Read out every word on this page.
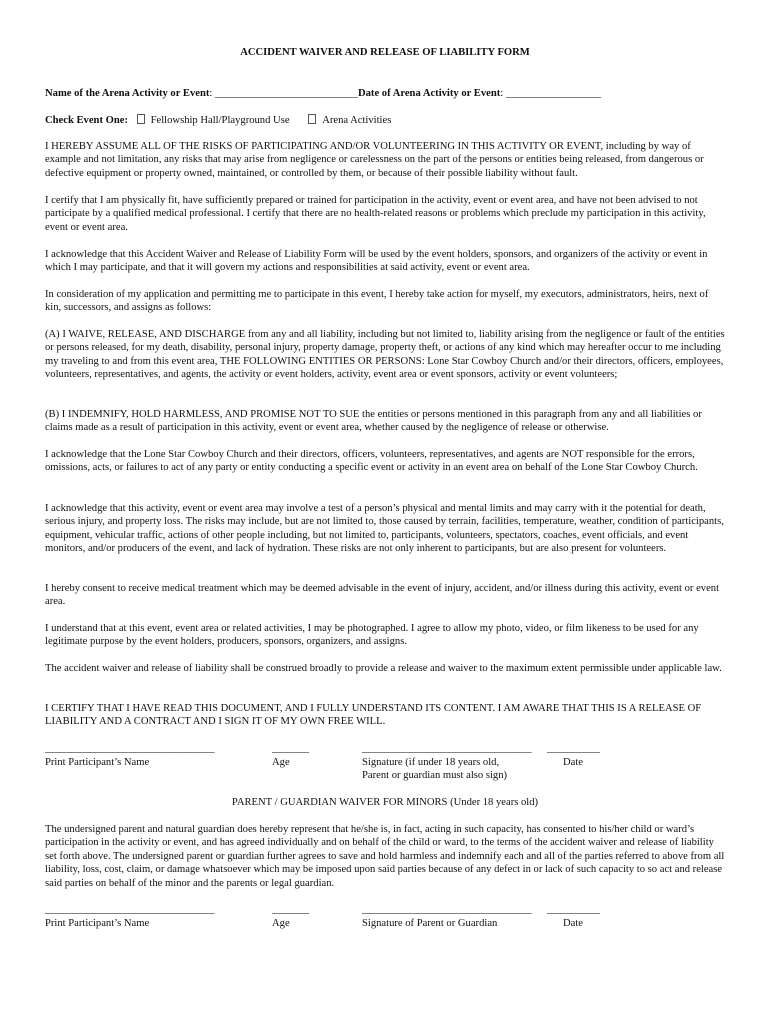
ACCIDENT WAIVER AND RELEASE OF LIABILITY FORM
Name of the Arena Activity or Event: ___________________________Date of Arena Activity or Event: __________________
Check Event One: Fellowship Hall/Playground Use	Arena Activities

I HEREBY ASSUME ALL OF THE RISKS OF PARTICIPATING AND/OR VOLUNTEERING IN THIS ACTIVITY OR EVENT, including by way of example and not limitation, any risks that may arise from negligence or carelessness on the part of the persons or entities being released, from dangerous or defective equipment or property owned, maintained, or controlled by them, or because of their possible liability without fault.

I certify that I am physically fit, have sufficiently prepared or trained for participation in the activity, event or event area, and have not been advised to not participate by a qualified medical professional. I certify that there are no health-related reasons or problems which preclude my participation in this activity, event or event area.

I acknowledge that this Accident Waiver and Release of Liability Form will be used by the event holders, sponsors, and organizers of the activity or event in which I may participate, and that it will govern my actions and responsibilities at said activity, event or event area.

In consideration of my application and permitting me to participate in this event, I hereby take action for myself, my executors, administrators, heirs, next of kin, successors, and assigns as follows:

(A) I WAIVE, RELEASE, AND DISCHARGE from any and all liability, including but not limited to, liability arising from the negligence or fault of the entities or persons released, for my death, disability, personal injury, property damage, property theft, or actions of any kind which may hereafter occur to me including my traveling to and from this event area, THE FOLLOWING ENTITIES OR PERSONS: Lone Star Cowboy Church and/or their directors, officers, employees, volunteers, representatives, and agents, the activity or event holders, activity, event area or event sponsors, activity or event volunteers;

(B) I INDEMNIFY, HOLD HARMLESS, AND PROMISE NOT TO SUE the entities or persons mentioned in this paragraph from any and all liabilities or claims made as a result of participation in this activity, event or event area, whether caused by the negligence of release or otherwise.

I acknowledge that the Lone Star Cowboy Church and their directors, officers, volunteers, representatives, and agents are NOT responsible for the errors, omissions, acts, or failures to act of any party or entity conducting a specific event or activity in an event area on behalf of the Lone Star Cowboy Church.

I acknowledge that this activity, event or event area may involve a test of a person’s physical and mental limits and may carry with it the potential for death, serious injury, and property loss. The risks may include, but are not limited to, those caused by terrain, facilities, temperature, weather, condition of participants, equipment, vehicular traffic, actions of other people including, but not limited to, participants, volunteers, spectators, coaches, event officials, and event monitors, and/or producers of the event, and lack of hydration. These risks are not only inherent to participants, but are also present for volunteers.

I hereby consent to receive medical treatment which may be deemed advisable in the event of injury, accident, and/or illness during this activity, event or event area.

I understand that at this event, event area or related activities, I may be photographed. I agree to allow my photo, video, or film likeness to be used for any legitimate purpose by the event holders, producers, sponsors, organizers, and assigns.

The accident waiver and release of liability shall be construed broadly to provide a release and waiver to the maximum extent permissible under applicable law.

I CERTIFY THAT I HAVE READ THIS DOCUMENT, AND I FULLY UNDERSTAND ITS CONTENT. I AM AWARE THAT THIS IS A RELEASE OF LIABILITY AND A CONTRACT AND I SIGN IT OF MY OWN FREE WILL.

________________________________	_______	________________________________ __________
Print Participant’s Name	Age	Signature (if under 18 years old,	Date
Parent or guardian must also sign)
PARENT / GUARDIAN WAIVER FOR MINORS (Under 18 years old)

The undersigned parent and natural guardian does hereby represent that he/she is, in fact, acting in such capacity, has consented to his/her child or ward’s participation in the activity or event, and has agreed individually and on behalf of the child or ward, to the terms of the accident waiver and release of liability set forth above. The undersigned parent or guardian further agrees to save and hold harmless and indemnify each and all of the parties referred to above from all liability, loss, cost, claim, or damage whatsoever which may be imposed upon said parties because of any defect in or lack of such capacity to so act and release said parties on behalf of the minor and the parents or legal guardian.

________________________________	_______	________________________________ __________
Print Participant’s Name	Age	Signature of Parent or Guardian	Date
